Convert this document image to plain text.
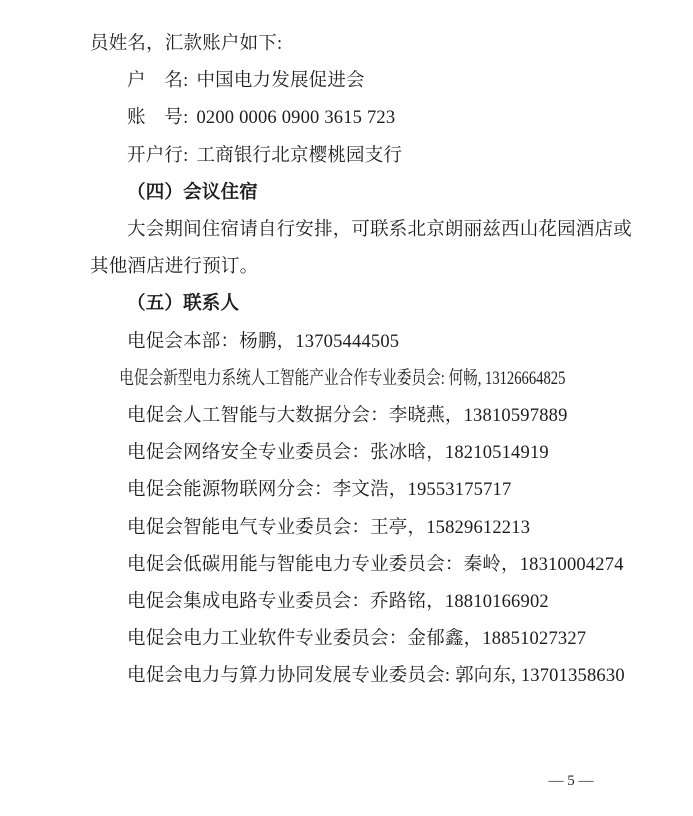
员姓名，汇款账户如下:

户　名: 中国电力发展促进会

账　号: 0200 0006 0900 3615 723

开户行: 工商银行北京樱桃园支行

（四）会议住宿

大会期间住宿请自行安排，可联系北京朗丽兹西山花园酒店或

其他酒店进行预订。

（五）联系人

电促会本部：杨鹏，13705444505

电促会新型电力系统人工智能产业合作专业委员会: 何畅, 13126664825

电促会人工智能与大数据分会：李晓燕，13810597889

电促会网络安全专业委员会：张冰晗，18210514919

电促会能源物联网分会：李文浩，19553175717

电促会智能电气专业委员会：王亭，15829612213

电促会低碳用能与智能电力专业委员会：秦岭，18310004274

电促会集成电路专业委员会：乔路铭，18810166902

电促会电力工业软件专业委员会：金郁鑫，18851027327

电促会电力与算力协同发展专业委员会: 郭向东, 13701358630

— 5 —
